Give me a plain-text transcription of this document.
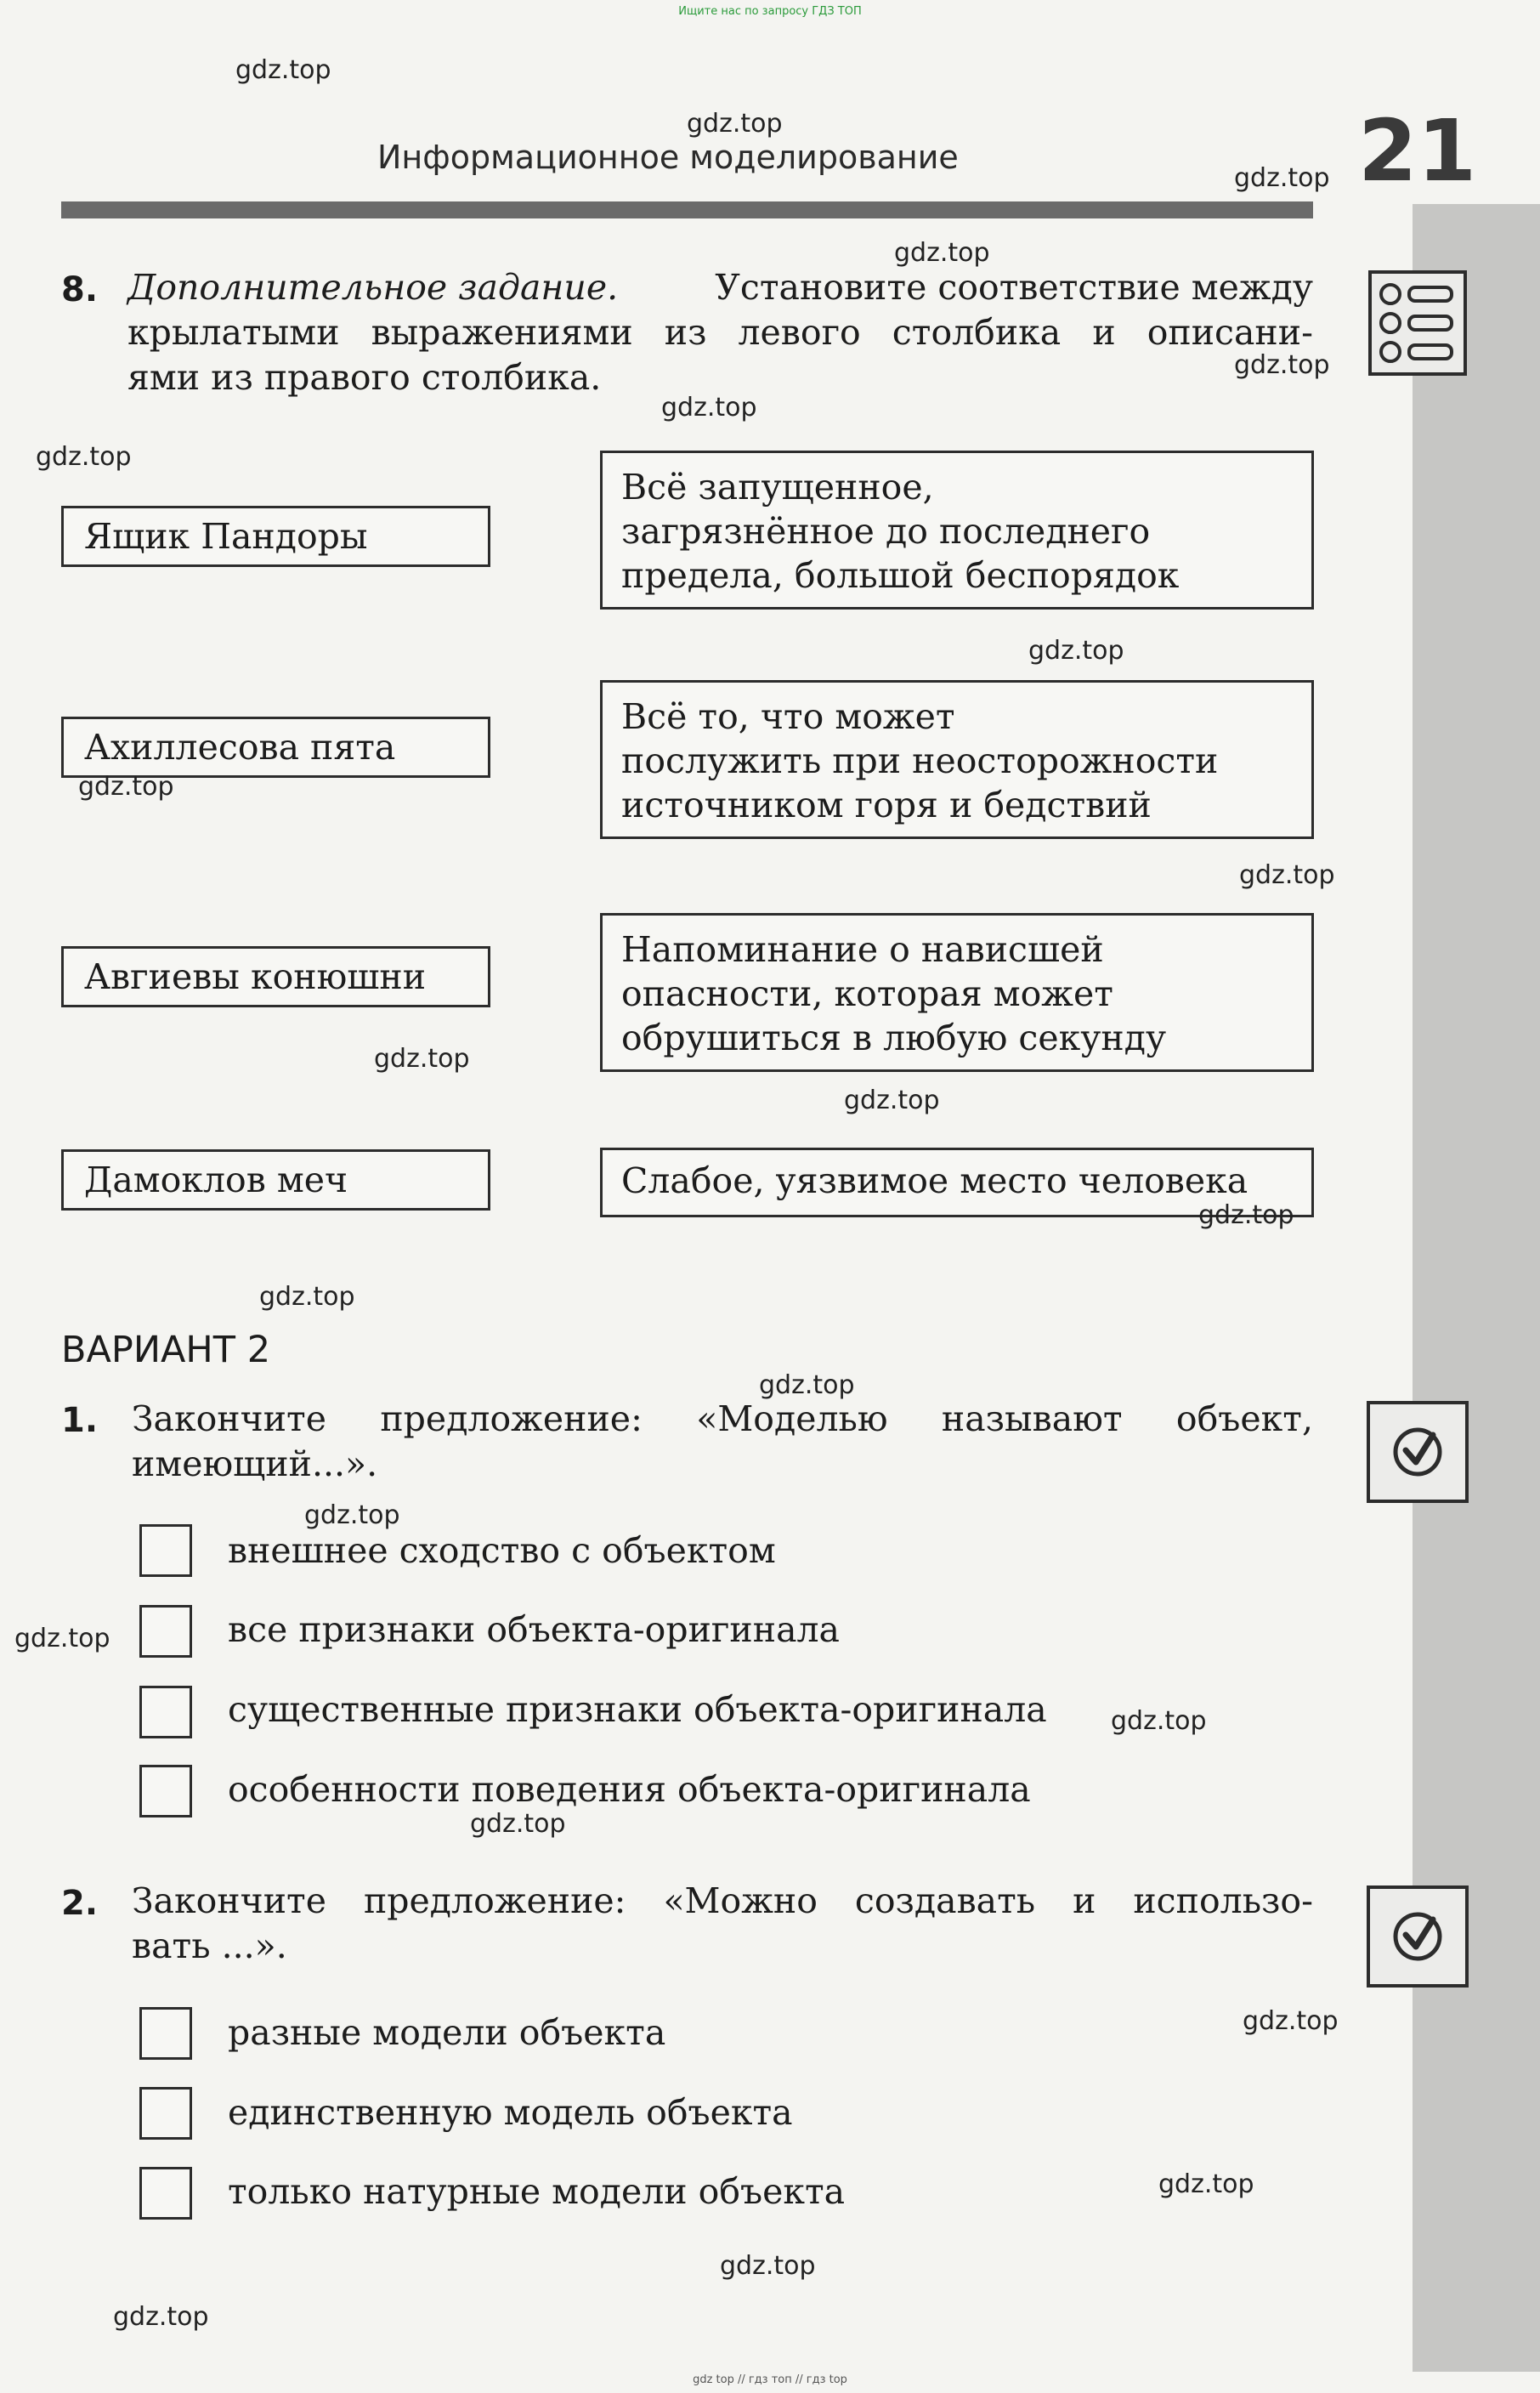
Ищите нас по запросу ГДЗ ТОП
Информационное моделирование	21
8. Дополнительное задание.	Установите соответствие между
крылатыми выражениями из левого столбика и описани-
ями из правого столбика.
Ящик Пандоры
Ахиллесова пята
Авгиевы конюшни
Дамоклов меч
Всё запущенное,
загрязнённое до последнего
предела, большой беспорядок
Всё то, что может
послужить при неосторожности
источником горя и бедствий
Напоминание о нависшей
опасности, которая может
обрушиться в любую секунду
Слабое, уязвимое место человека
ВАРИАНТ 2
1. Закончите предложение: «Моделью называют объект,
имеющий...».
внешнее сходство с объектом
все признаки объекта-оригинала
существенные признаки объекта-оригинала
особенности поведения объекта-оригинала
2. Закончите предложение: «Можно создавать и использо-
вать ...».
разные модели объекта
единственную модель объекта
только натурные модели объекта
gdz.top
gdz.top
gdz.top
gdz.top
gdz.top
gdz.top
gdz.top
gdz.top
gdz.top
gdz.top
gdz.top
gdz.top
gdz.top
gdz.top
gdz.top
gdz.top
gdz.top
gdz.top
gdz.top
gdz.top
gdz.top
gdz.top
gdz.top
gdz top // гдз топ // гдз top
